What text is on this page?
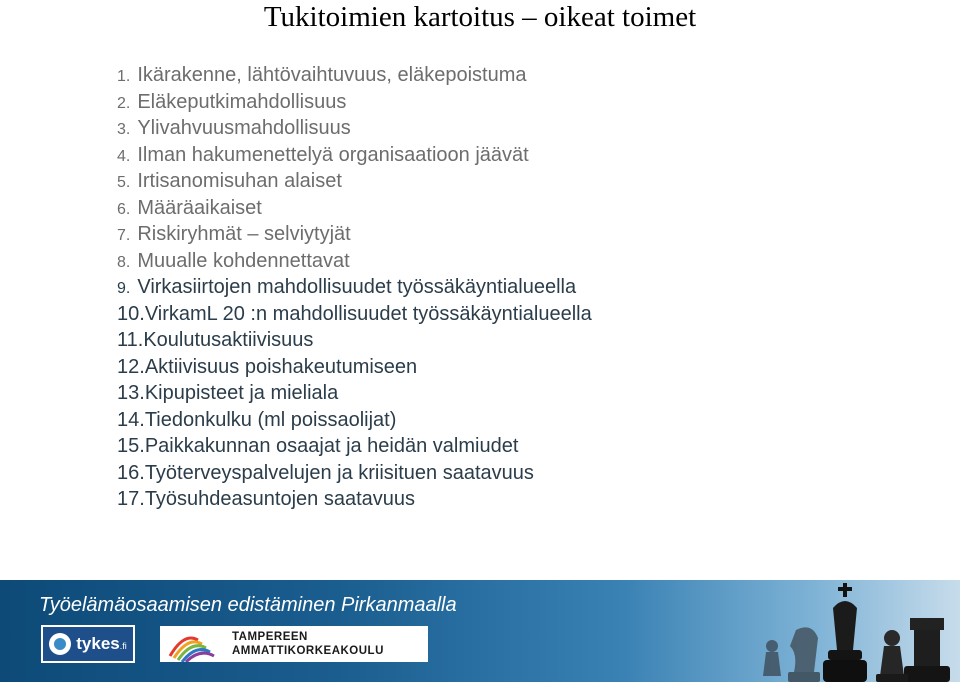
Tukitoimien kartoitus – oikeat toimet
1. Ikärakenne, lähtövaihtuvuus, eläkepoistuma
2. Eläkeputkimahdollisuus
3. Ylivahvuusmahdollisuus
4. Ilman hakumenettelyä organisaatioon jäävät
5. Irtisanomisuhan alaiset
6. Määräaikaiset
7. Riskiryhmät – selviytyjät
8. Muualle kohdennettavat
9. Virkasiirtojen mahdollisuudet työssäkäyntialueella
10. VirkamL 20 :n mahdollisuudet työssäkäyntialueella
11. Koulutusaktiivisuus
12. Aktiivisuus poishakeutumiseen
13. Kipupisteet ja mieliala
14. Tiedonkulku (ml poissaolijat)
15. Paikkakunnan osaajat ja heidän valmiudet
16. Työterveyspalvelujen ja kriisituen saatavuus
17. Työsuhdeasuntojen saatavuus
Työelämäosaamisen edistäminen Pirkanmaalla
tykes.fi
TAMPEREEN
AMMATTIKORKEAKOULU
